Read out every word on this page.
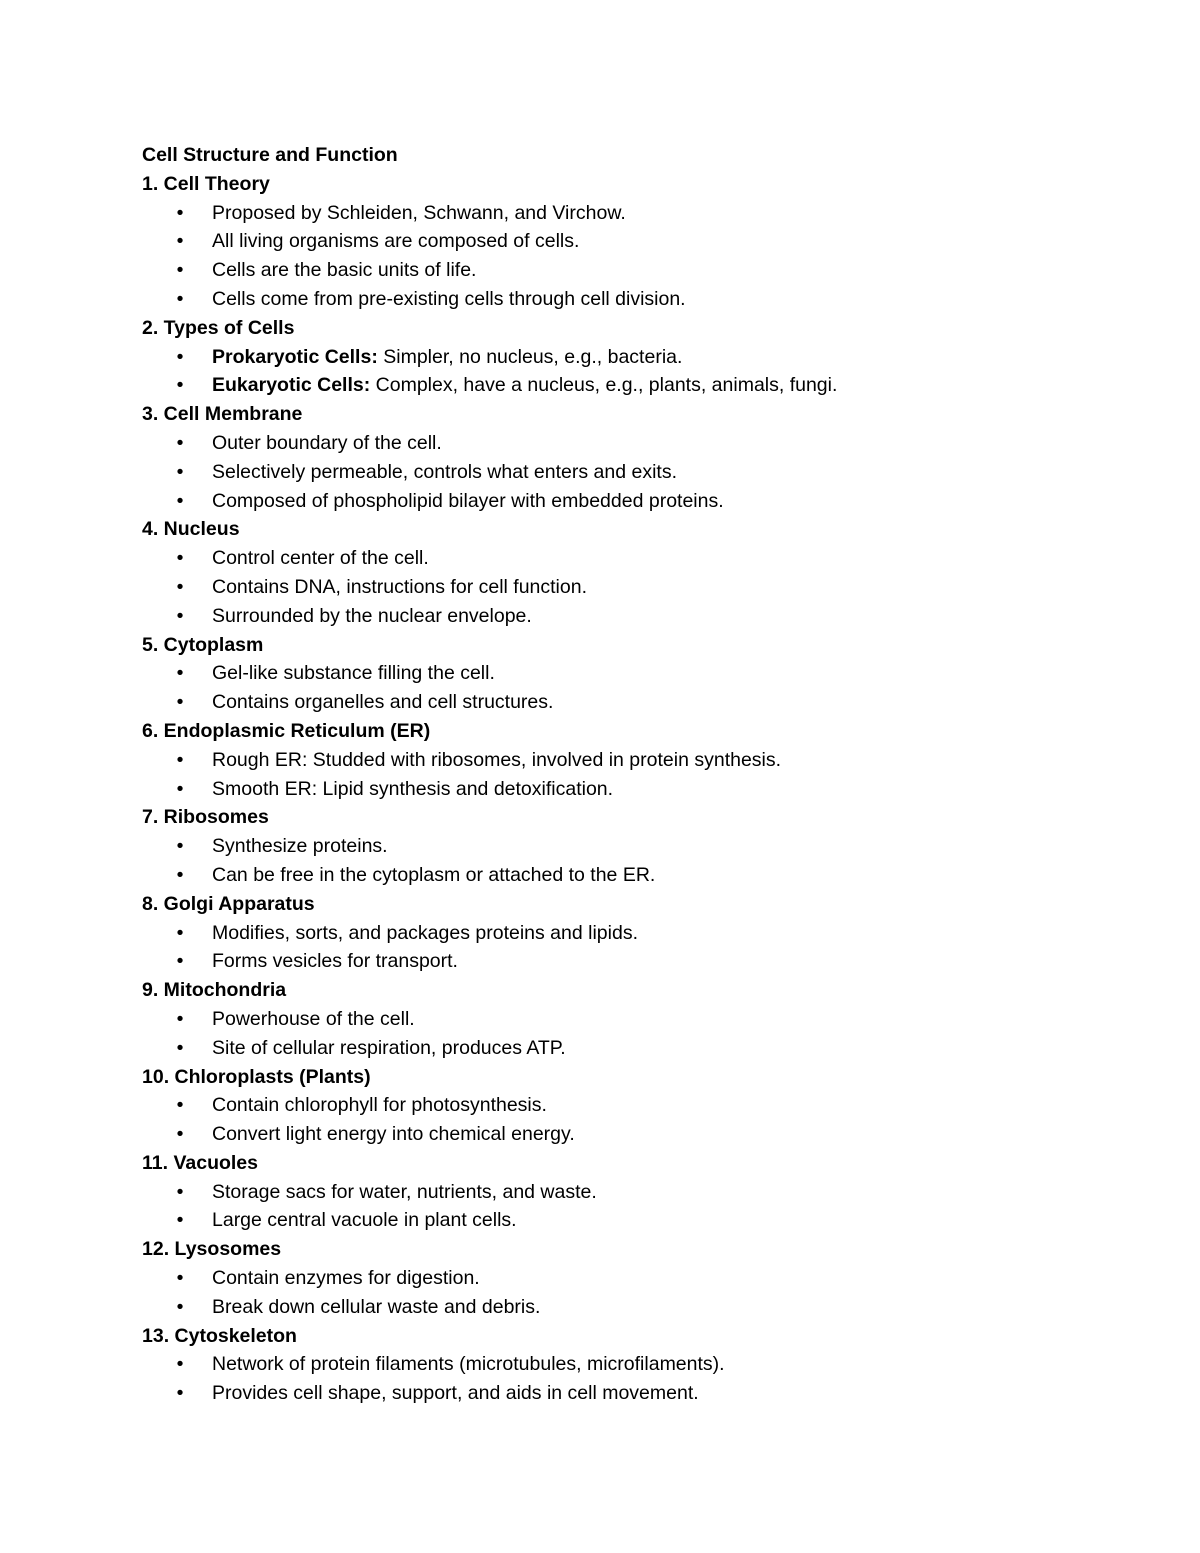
Cell Structure and Function
1. Cell Theory
• Proposed by Schleiden, Schwann, and Virchow.
• All living organisms are composed of cells.
• Cells are the basic units of life.
• Cells come from pre-existing cells through cell division.
2. Types of Cells
• Prokaryotic Cells: Simpler, no nucleus, e.g., bacteria.
• Eukaryotic Cells: Complex, have a nucleus, e.g., plants, animals, fungi.
3. Cell Membrane
• Outer boundary of the cell.
• Selectively permeable, controls what enters and exits.
• Composed of phospholipid bilayer with embedded proteins.
4. Nucleus
• Control center of the cell.
• Contains DNA, instructions for cell function.
• Surrounded by the nuclear envelope.
5. Cytoplasm
• Gel-like substance filling the cell.
• Contains organelles and cell structures.
6. Endoplasmic Reticulum (ER)
• Rough ER: Studded with ribosomes, involved in protein synthesis.
• Smooth ER: Lipid synthesis and detoxification.
7. Ribosomes
• Synthesize proteins.
• Can be free in the cytoplasm or attached to the ER.
8. Golgi Apparatus
• Modifies, sorts, and packages proteins and lipids.
• Forms vesicles for transport.
9. Mitochondria
• Powerhouse of the cell.
• Site of cellular respiration, produces ATP.
10. Chloroplasts (Plants)
• Contain chlorophyll for photosynthesis.
• Convert light energy into chemical energy.
11. Vacuoles
• Storage sacs for water, nutrients, and waste.
• Large central vacuole in plant cells.
12. Lysosomes
• Contain enzymes for digestion.
• Break down cellular waste and debris.
13. Cytoskeleton
• Network of protein filaments (microtubules, microfilaments).
• Provides cell shape, support, and aids in cell movement.
